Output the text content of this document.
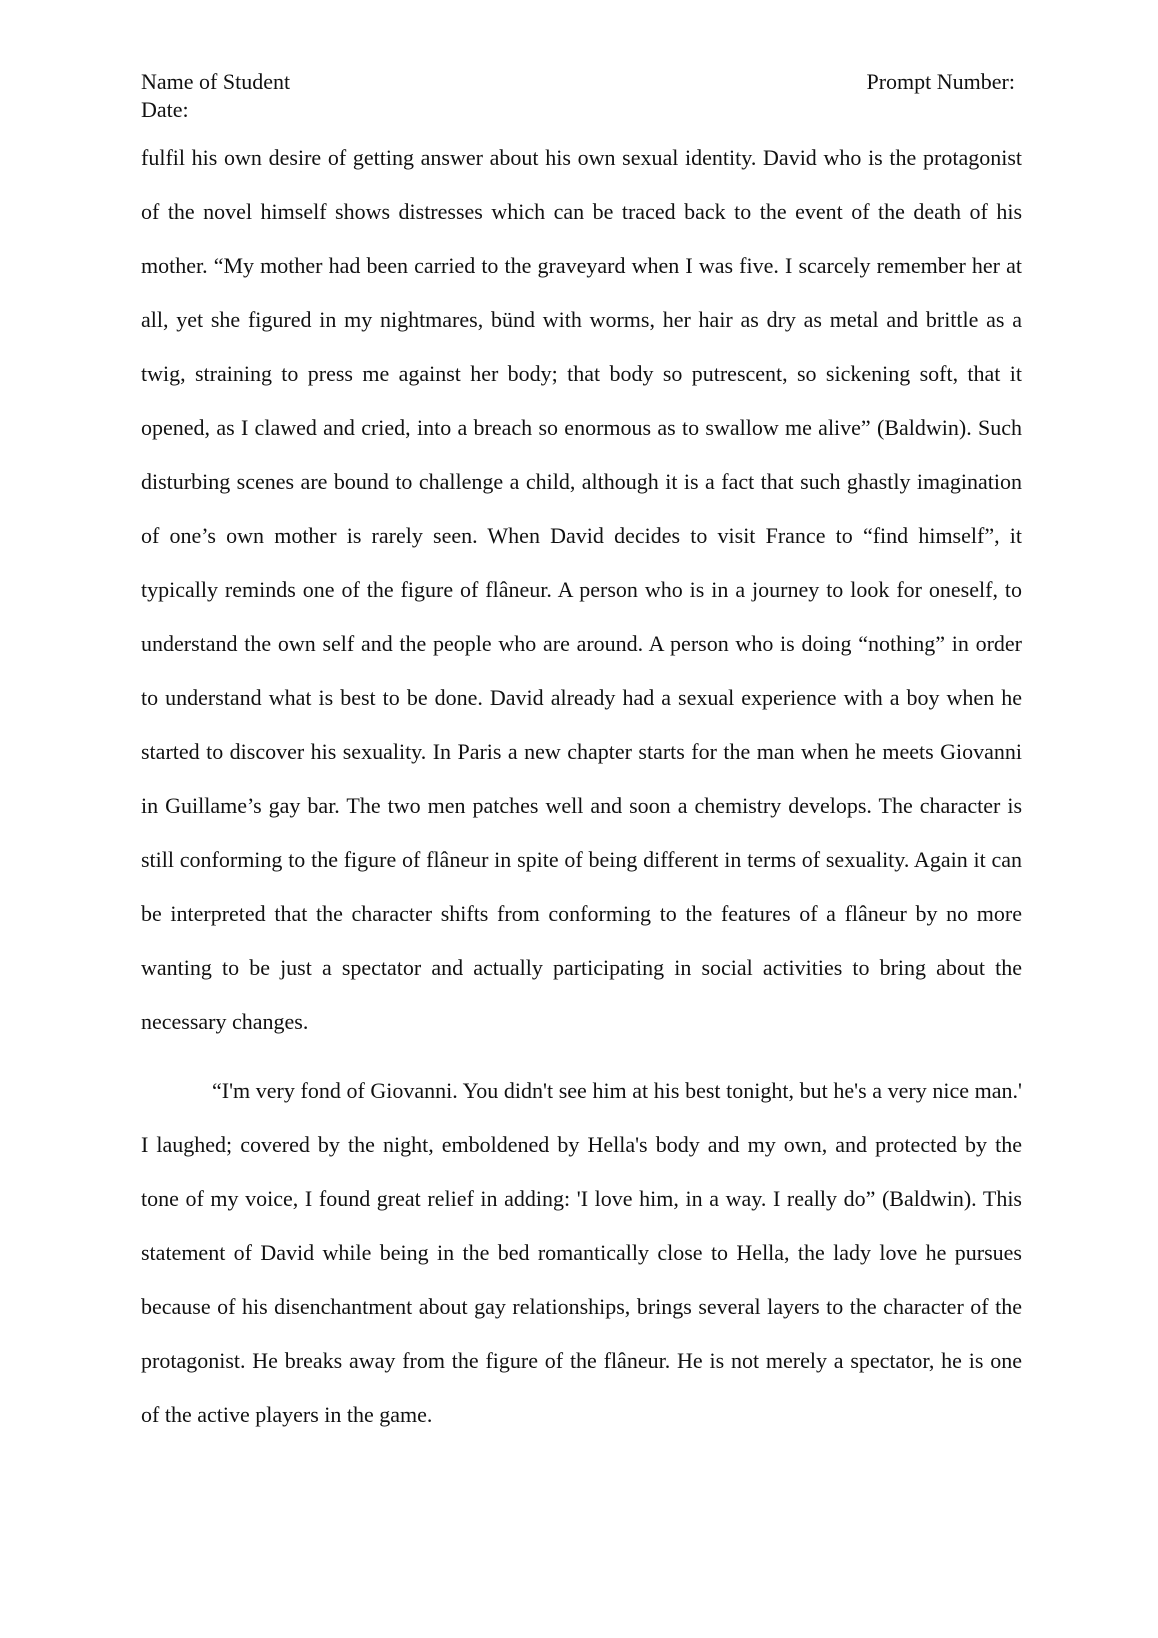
Name of Student	Prompt Number:
Date:

fulfil his own desire of getting answer about his own sexual identity. David who is the protagonist of the novel himself shows distresses which can be traced back to the event of the death of his mother. “My mother had been carried to the graveyard when I was five. I scarcely remember her at all, yet she figured in my nightmares, bünd with worms, her hair as dry as metal and brittle as a twig, straining to press me against her body; that body so putrescent, so sickening soft, that it opened, as I clawed and cried, into a breach so enormous as to swallow me alive” (Baldwin). Such disturbing scenes are bound to challenge a child, although it is a fact that such ghastly imagination of one’s own mother is rarely seen. When David decides to visit France to “find himself”, it typically reminds one of the figure of flâneur. A person who is in a journey to look for oneself, to understand the own self and the people who are around. A person who is doing “nothing” in order to understand what is best to be done. David already had a sexual experience with a boy when he started to discover his sexuality. In Paris a new chapter starts for the man when he meets Giovanni in Guillame’s gay bar. The two men patches well and soon a chemistry develops. The character is still conforming to the figure of flâneur in spite of being different in terms of sexuality. Again it can be interpreted that the character shifts from conforming to the features of a flâneur by no more wanting to be just a spectator and actually participating in social activities to bring about the necessary changes.

“I'm very fond of Giovanni. You didn't see him at his best tonight, but he's a very nice man.' I laughed; covered by the night, emboldened by Hella's body and my own, and protected by the tone of my voice, I found great relief in adding: 'I love him, in a way. I really do” (Baldwin). This statement of David while being in the bed romantically close to Hella, the lady love he pursues because of his disenchantment about gay relationships, brings several layers to the character of the protagonist. He breaks away from the figure of the flâneur. He is not merely a spectator, he is one of the active players in the game.
